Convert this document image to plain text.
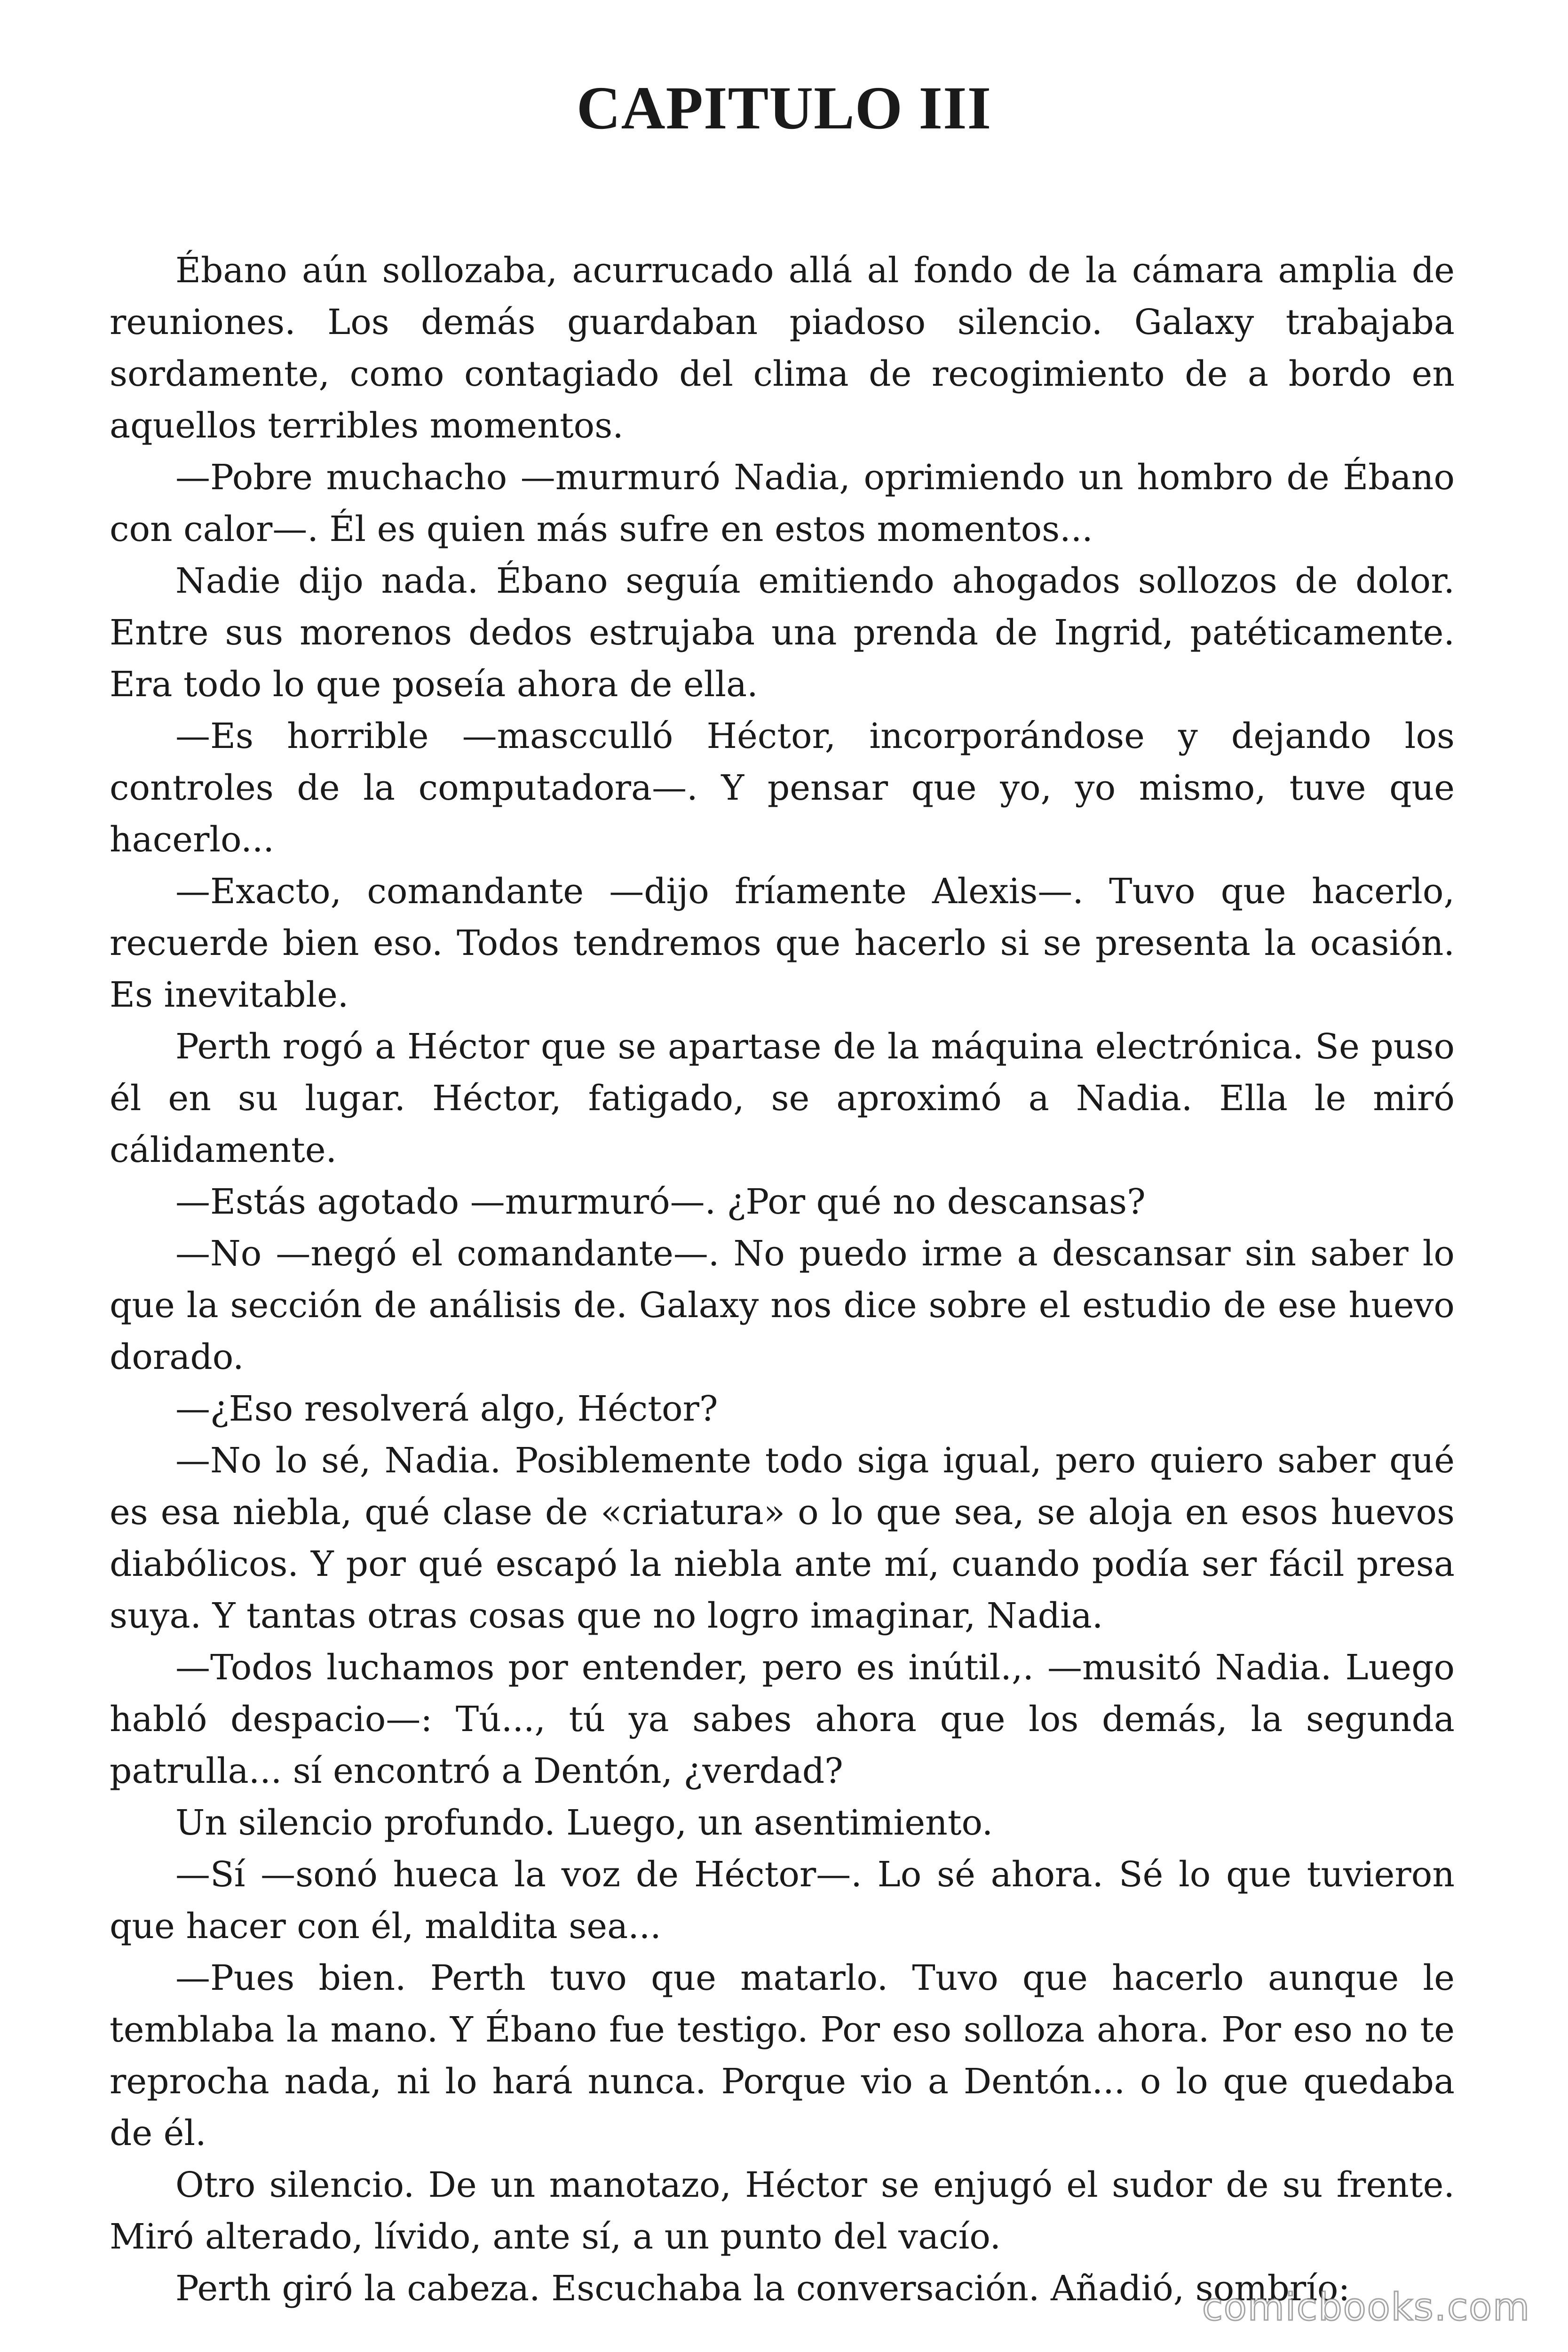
CAPITULO III

Ébano aún sollozaba, acurrucado allá al fondo de la cámara amplia de reuniones. Los demás guardaban piadoso silencio. Galaxy trabajaba sordamente, como contagiado del clima de recogimiento de a bordo en aquellos terribles momentos.

—Pobre muchacho —murmuró Nadia, oprimiendo un hombro de Ébano con calor—. Él es quien más sufre en estos momentos...

Nadie dijo nada. Ébano seguía emitiendo ahogados sollozos de dolor. Entre sus morenos dedos estrujaba una prenda de Ingrid, patéticamente. Era todo lo que poseía ahora de ella.

—Es horrible —mascculló Héctor, incorporándose y dejando los controles de la computadora—. Y pensar que yo, yo mismo, tuve que hacerlo...

—Exacto, comandante —dijo fríamente Alexis—. Tuvo que hacerlo, recuerde bien eso. Todos tendremos que hacerlo si se presenta la ocasión. Es inevitable.

Perth rogó a Héctor que se apartase de la máquina electrónica. Se puso él en su lugar. Héctor, fatigado, se aproximó a Nadia. Ella le miró cálidamente.

—Estás agotado —murmuró—. ¿Por qué no descansas?

—No —negó el comandante—. No puedo irme a descansar sin saber lo que la sección de análisis de. Galaxy nos dice sobre el estudio de ese huevo dorado.

—¿Eso resolverá algo, Héctor?

—No lo sé, Nadia. Posiblemente todo siga igual, pero quiero saber qué es esa niebla, qué clase de «criatura» o lo que sea, se aloja en esos huevos diabólicos. Y por qué escapó la niebla ante mí, cuando podía ser fácil presa suya. Y tantas otras cosas que no logro imaginar, Nadia.

—Todos luchamos por entender, pero es inútil.,. —musitó Nadia. Luego habló despacio—: Tú..., tú ya sabes ahora que los demás, la segunda patrulla... sí encontró a Dentón, ¿verdad?

Un silencio profundo. Luego, un asentimiento.

—Sí —sonó hueca la voz de Héctor—. Lo sé ahora. Sé lo que tuvieron que hacer con él, maldita sea...

—Pues bien. Perth tuvo que matarlo. Tuvo que hacerlo aunque le temblaba la mano. Y Ébano fue testigo. Por eso solloza ahora. Por eso no te reprocha nada, ni lo hará nunca. Porque vio a Dentón... o lo que quedaba de él.

Otro silencio. De un manotazo, Héctor se enjugó el sudor de su frente. Miró alterado, lívido, ante sí, a un punto del vacío.

Perth giró la cabeza. Escuchaba la conversación. Añadió, sombrío:

comicbooks.com
